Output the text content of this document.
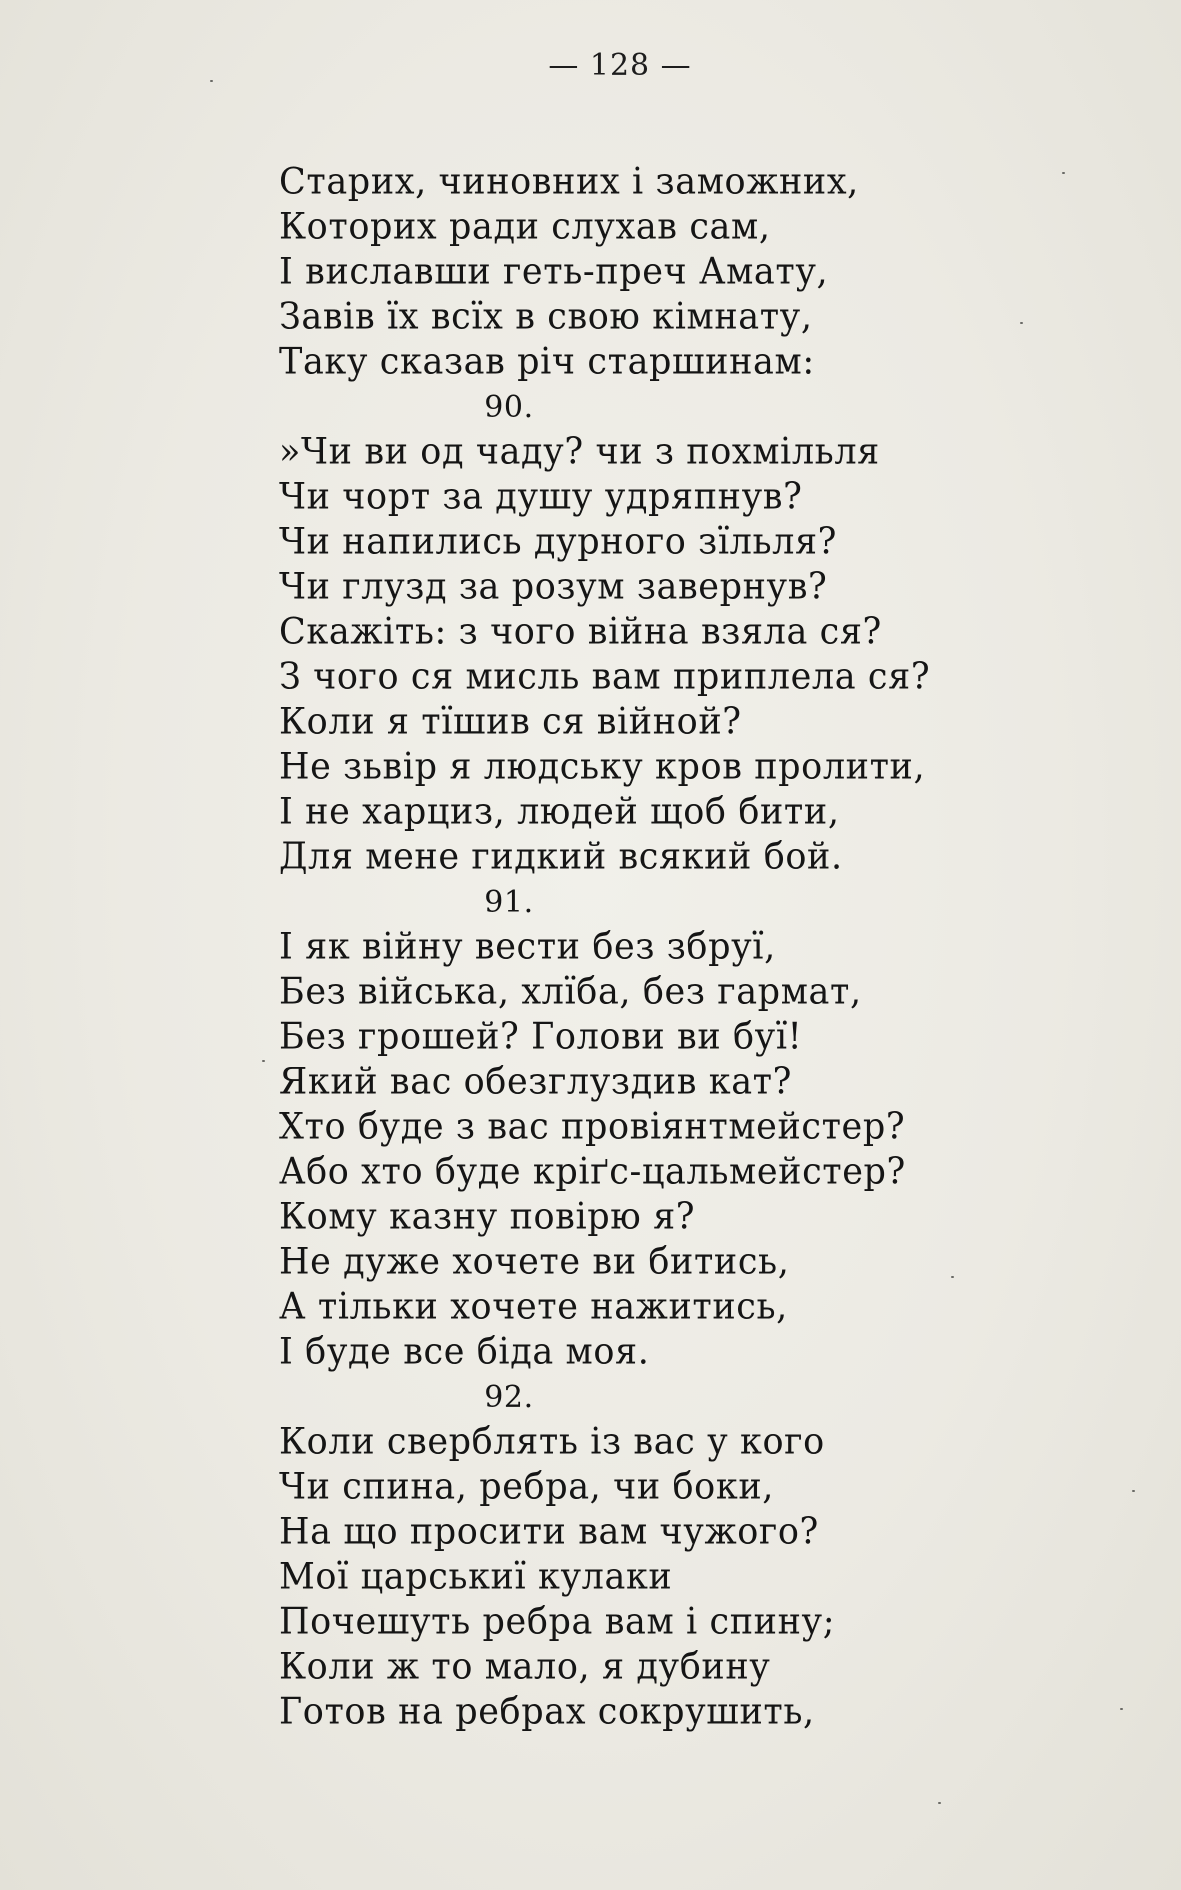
— 128 —
Старих, чиновних і заможних,
Которих ради слухав сам,
І виславши геть-преч Амату,
Завів їх всїх в свою кімнату,
Таку сказав річ старшинам:
90.
»Чи ви од чаду? чи з похмільля
Чи чорт за душу удряпнув?
Чи напились дурного зїльля?
Чи глузд за розум завернув?
Скажіть: з чого війна взяла ся?
З чого ся мисль вам приплела ся?
Коли я тїшив ся війной?
Не зьвір я людську кров пролити,
І не харциз, людей щоб бити,
Для мене гидкий всякий бой.
91.
І як війну вести без збруї,
Без війська, хлїба, без гармат,
Без грошей? Голови ви буї!
Який вас обезглуздив кат?
Хто буде з вас провіянтмейстер?
Або хто буде кріґс-цальмейстер?
Кому казну повірю я?
Не дуже хочете ви битись,
А тільки хочете нажитись,
І буде все біда моя.
92.
Коли сверблять із вас у кого
Чи спина, ребра, чи боки,
На що просити вам чужого?
Мої царськиї кулаки
Почешуть ребра вам і спину;
Коли ж то мало, я дубину
Готов на ребрах сокрушить,
